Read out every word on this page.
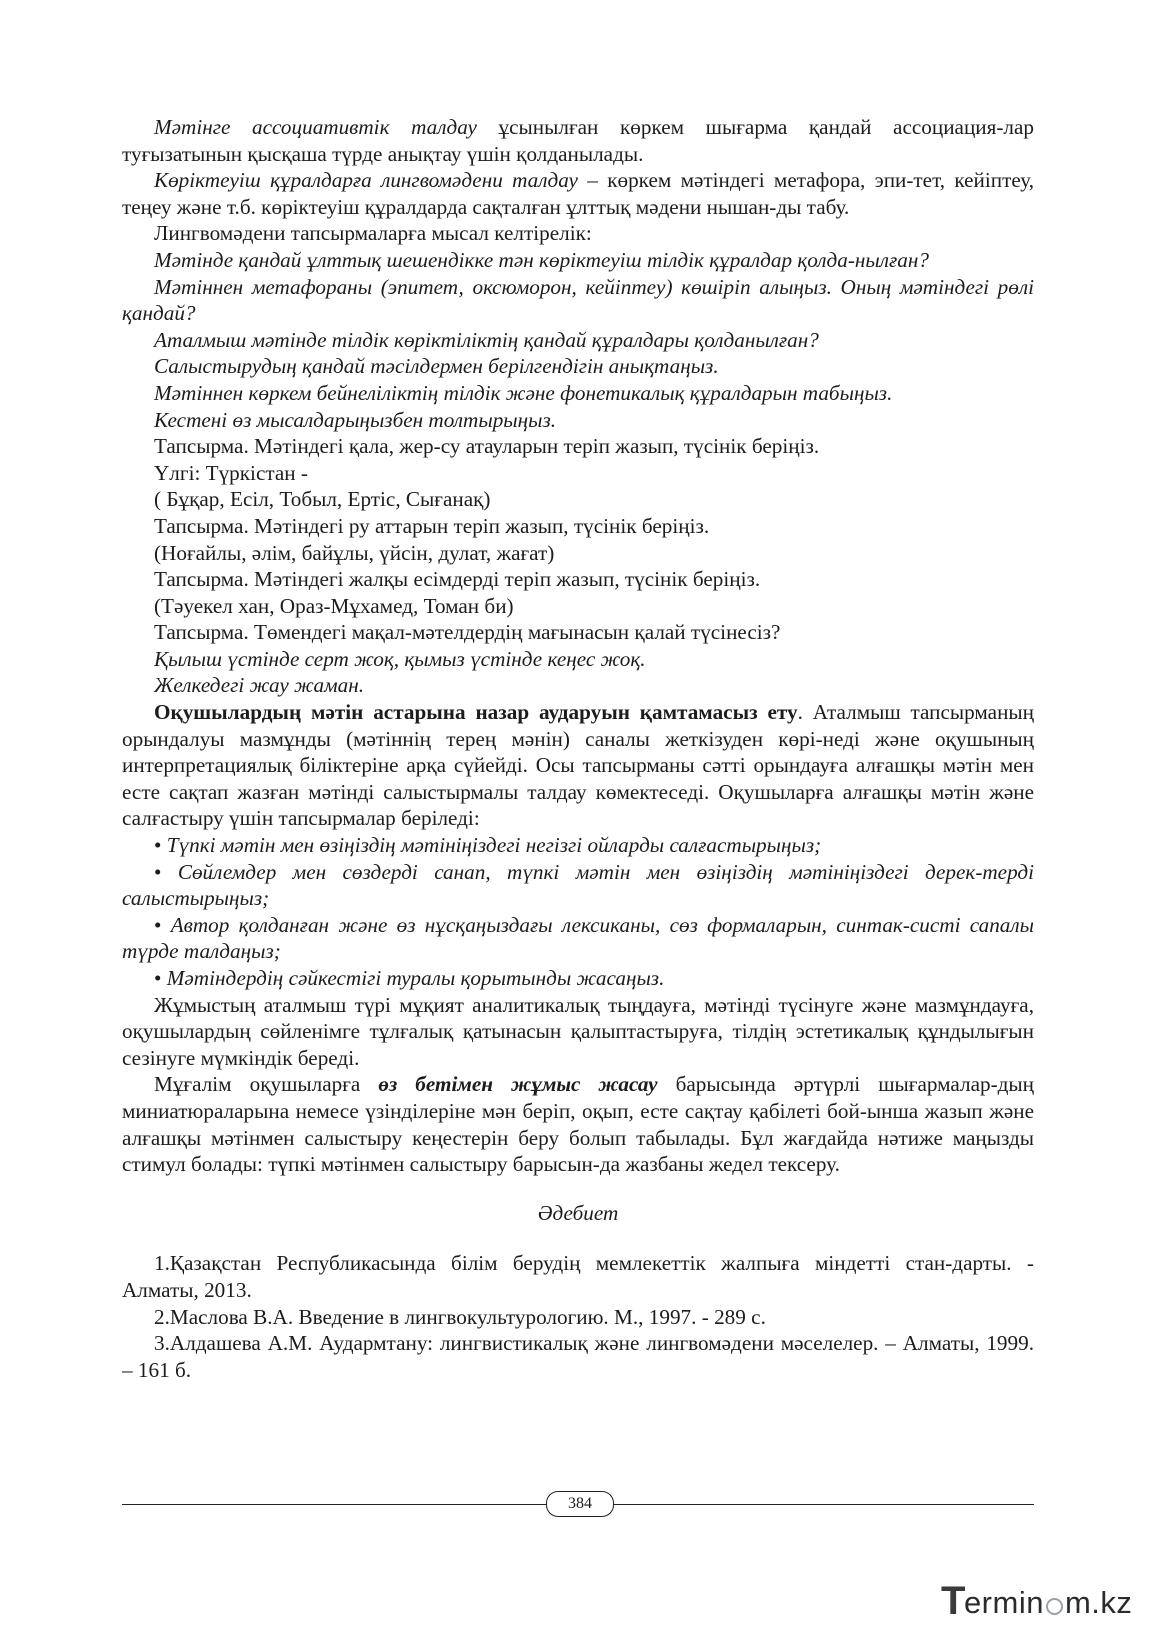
Мәтінге ассоциативтік талдау ұсынылған көркем шығарма қандай ассоциация-лар туғызатынын қысқаша түрде анықтау үшін қолданылады.

Көріктеуіш құралдарға лингвомәдени талдау – көркем мәтіндегі метафора, эпи-тет, кейіптеу, теңеу және т.б. көріктеуіш құралдарда сақталған ұлттық мәдени нышан-ды табу.

Лингвомәдени тапсырмаларға мысал келтірелік:

Мәтінде қандай ұлттық шешендікке тән көріктеуіш тілдік құралдар қолда-нылған?

Мәтіннен метафораны (эпитет, оксюморон, кейіптеу) көшіріп алыңыз. Оның мәтіндегі рөлі қандай?

Аталмыш мәтінде тілдік көріктіліктің қандай құралдары қолданылған?

Салыстырудың қандай тәсілдермен берілгендігін анықтаңыз.

Мәтіннен көркем бейнеліліктің тілдік және фонетикалық құралдарын табыңыз.

Кестені өз мысалдарыңызбен толтырыңыз.

Тапсырма. Мәтіндегі қала, жер-су атауларын теріп жазып, түсінік беріңіз.

Үлгі: Түркістан -

( Бұқар, Есіл, Тобыл, Ертіс, Сығанақ)

Тапсырма. Мәтіндегі ру аттарын теріп жазып, түсінік беріңіз.

(Ноғайлы, әлім, байұлы, үйсін, дулат, жағат)

Тапсырма. Мәтіндегі жалқы есімдерді теріп жазып, түсінік беріңіз.

(Тәуекел хан, Ораз-Мұхамед, Томан би)

Тапсырма. Төмендегі мақал-мәтелдердің мағынасын қалай түсінесіз?

Қылыш үстінде серт жоқ, қымыз үстінде кеңес жоқ.

Желкедегі жау жаман.

Оқушылардың мәтін астарына назар аударуын қамтамасыз ету. Аталмыш тапсырманың орындалуы мазмұнды (мәтіннің терең мәнін) саналы жеткізуден көрі-неді және оқушының интерпретациялық біліктеріне арқа сүйейді. Осы тапсырманы сәтті орындауға алғашқы мәтін мен есте сақтап жазған мәтінді салыстырмалы талдау көмектеседі. Оқушыларға алғашқы мәтін және салғастыру үшін тапсырмалар беріледі:

• Түпкі мәтін мен өзіңіздің мәтініңіздегі негізгі ойларды салғастырыңыз;

• Сөйлемдер мен сөздерді санап, түпкі мәтін мен өзіңіздің мәтініңіздегі дерек-терді салыстырыңыз;

• Автор қолданған және өз нұсқаңыздағы лексиканы, сөз формаларын, синтак-систі сапалы түрде талдаңыз;

• Мәтіндердің сәйкестігі туралы қорытынды жасаңыз.

Жұмыстың аталмыш түрі мұқият аналитикалық тыңдауға, мәтінді түсінуге және мазмұндауға, оқушылардың сөйленімге тұлғалық қатынасын қалыптастыруға, тілдің эстетикалық құндылығын сезінуге мүмкіндік береді.

Мұғалім оқушыларға өз бетімен жұмыс жасау барысында әртүрлі шығармалар-дың миниатюраларына немесе үзінділеріне мән беріп, оқып, есте сақтау қабілеті бой-ынша жазып және алғашқы мәтінмен салыстыру кеңестерін беру болып табылады. Бұл жағдайда нәтиже маңызды стимул болады: түпкі мәтінмен салыстыру барысын-да жазбаны жедел тексеру.

Әдебиет

1.Қазақстан Республикасында білім берудің мемлекеттік жалпыға міндетті стан-дарты. - Алматы, 2013.

2.Маслова В.А. Введение в лингвокультурологию. М., 1997. - 289 с.

3.Алдашева А.М. Аудармтану: лингвистикалық және лингвомәдени мәселелер. – Алматы, 1999. – 161 б.

384
T
ermin m.kz
